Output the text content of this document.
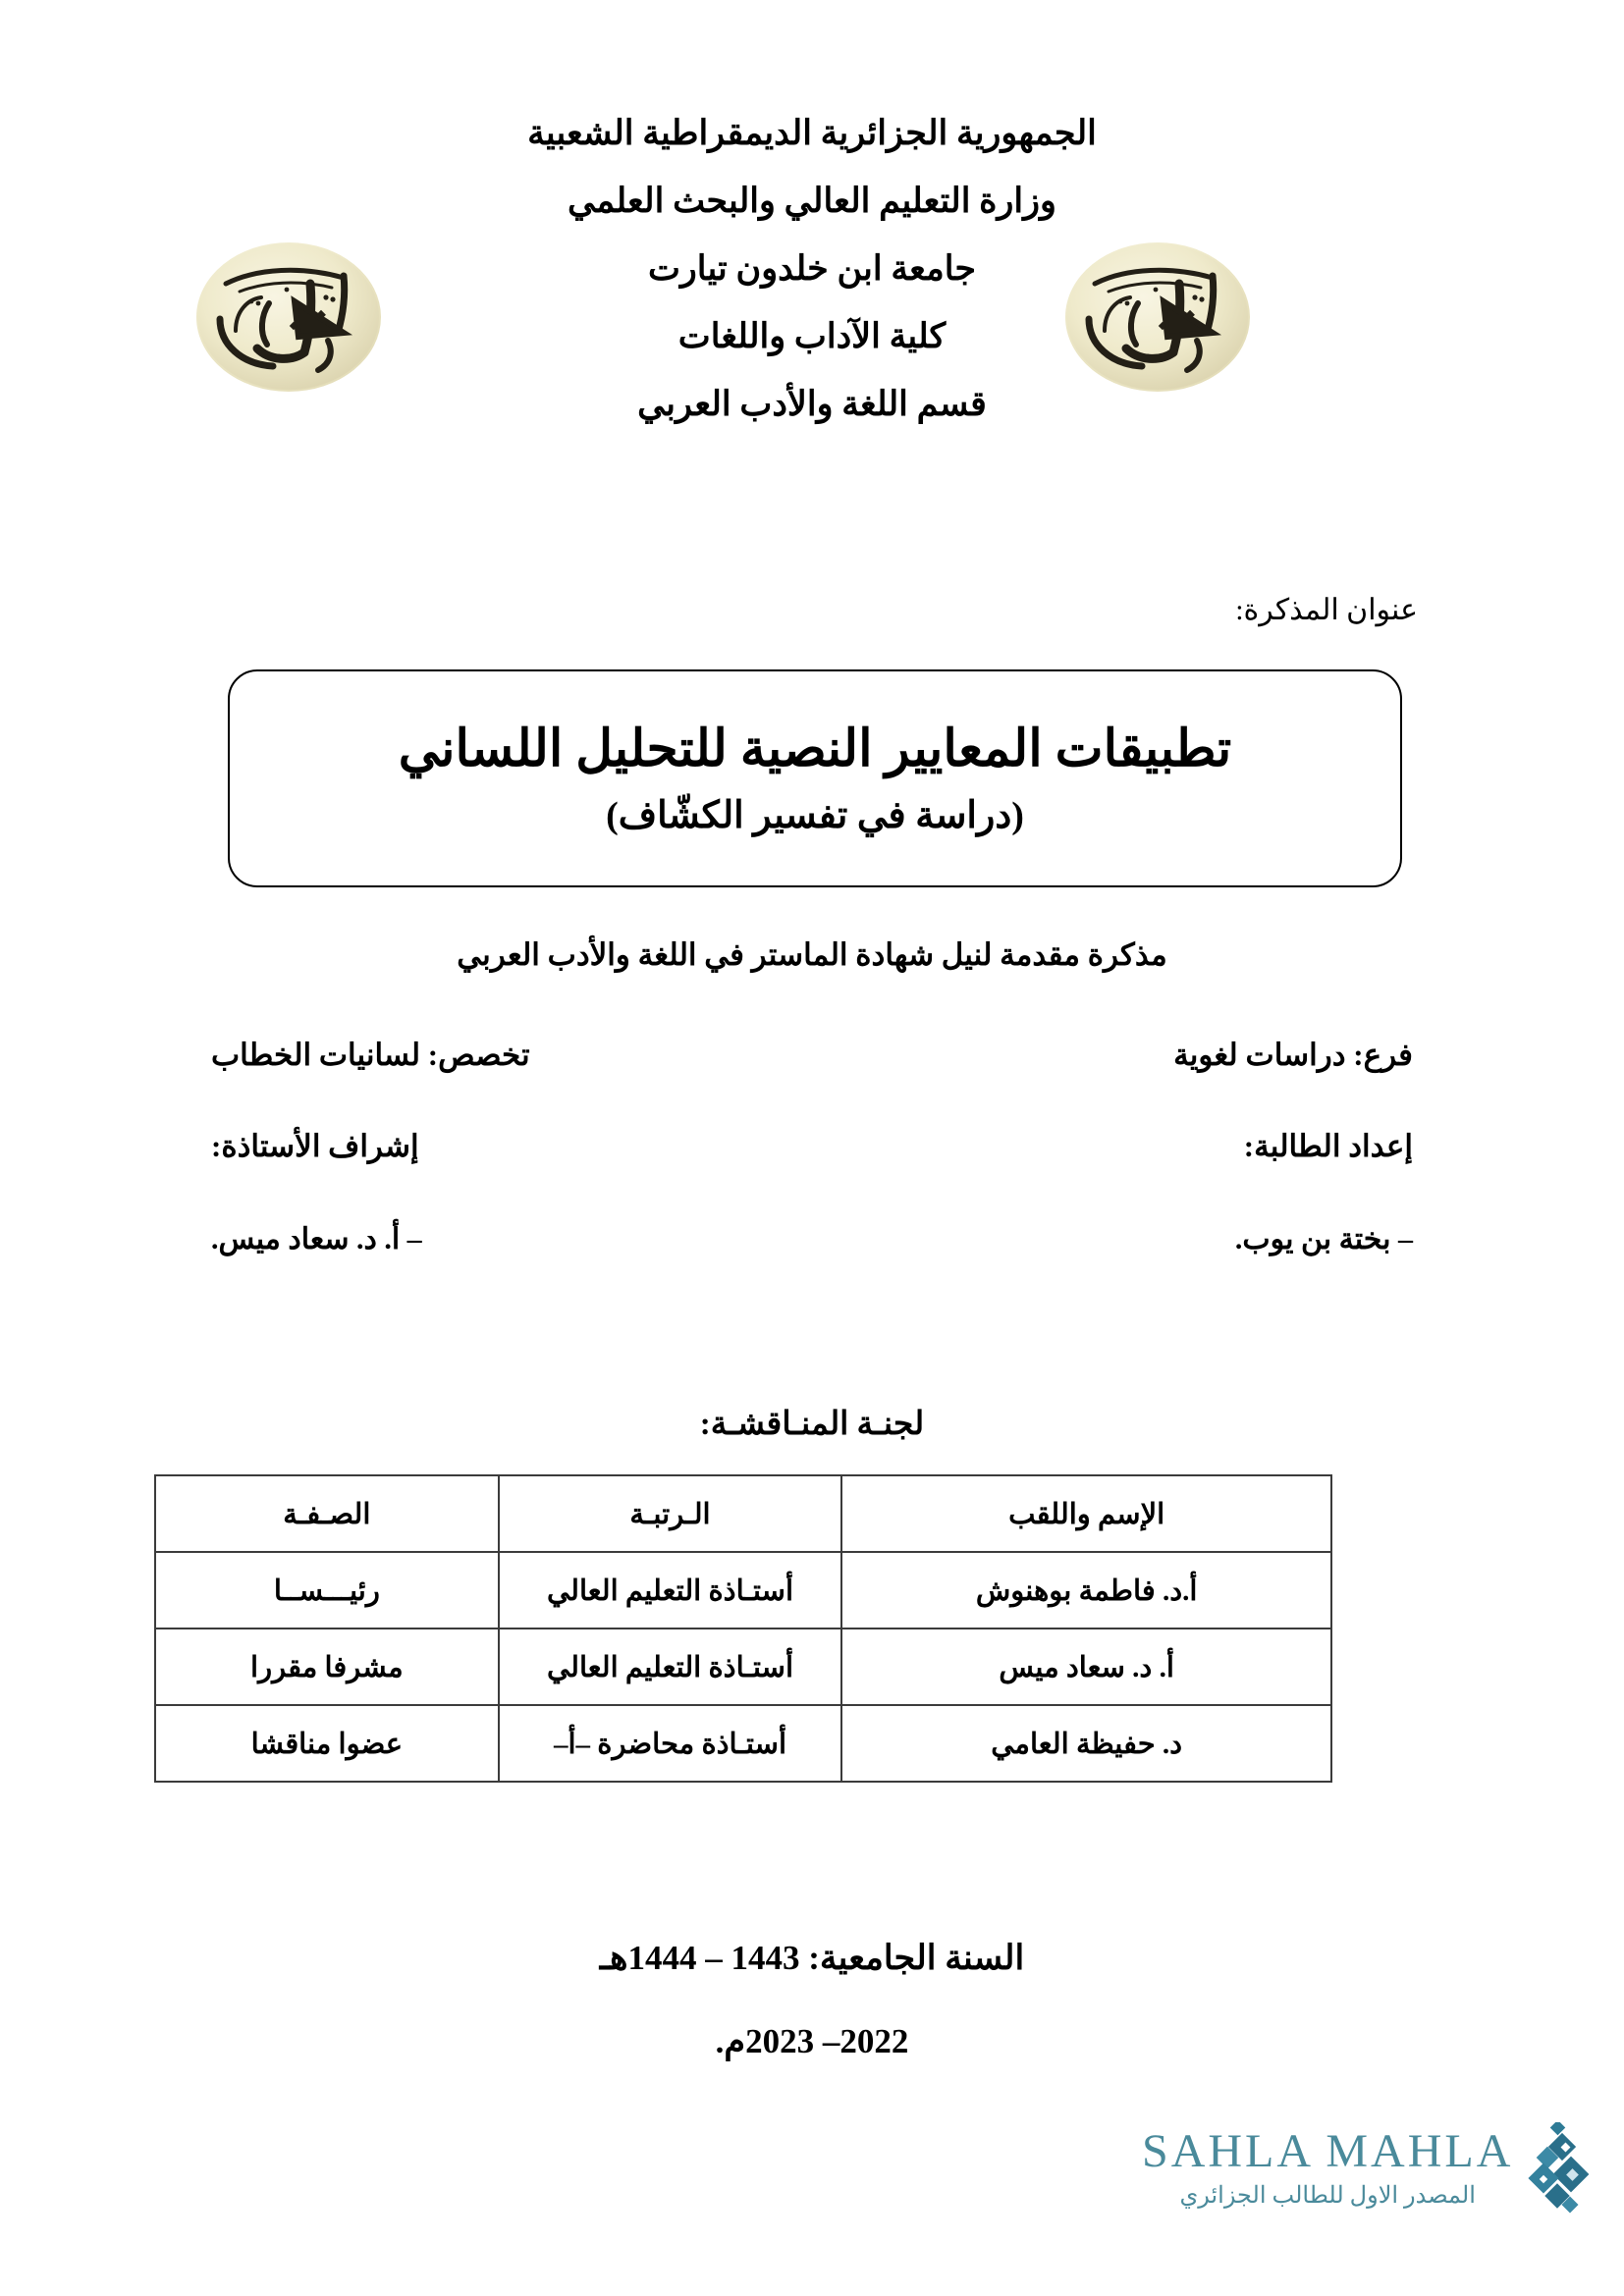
الجمهورية الجزائرية الديمقراطية الشعبية
وزارة التعليم العالي والبحث العلمي
جامعة ابن خلدون تيارت
كلية الآداب واللغات
قسم اللغة والأدب العربي
عنوان المذكرة:
تطبيقات المعايير النصية للتحليل اللساني
(دراسة في تفسير الكشّاف)
مذكرة مقدمة لنيل شهادة الماستر في اللغة والأدب العربي
فرع: دراسات لغوية
تخصص: لسانيات الخطاب
إعداد الطالبة:
إشراف الأستاذة:
– بختة بن يوب.
– أ. د. سعاد ميس.
لجنـة المنـاقشـة:
الإسم واللقب	الـرتبـة	الصـفـة
أ.د. فاطمة بوهنوش	أستـاذة التعليم العالي	رئيـــســا
أ. د. سعاد ميس	أستـاذة التعليم العالي	مشرفا مقررا
د. حفيظة العامي	أستـاذة محاضرة –أ–	عضوا مناقشا
السنة الجامعية: 1443 – 1444هـ
2022– 2023م.
SAHLA MAHLA
المصدر الاول للطالب الجزائري
